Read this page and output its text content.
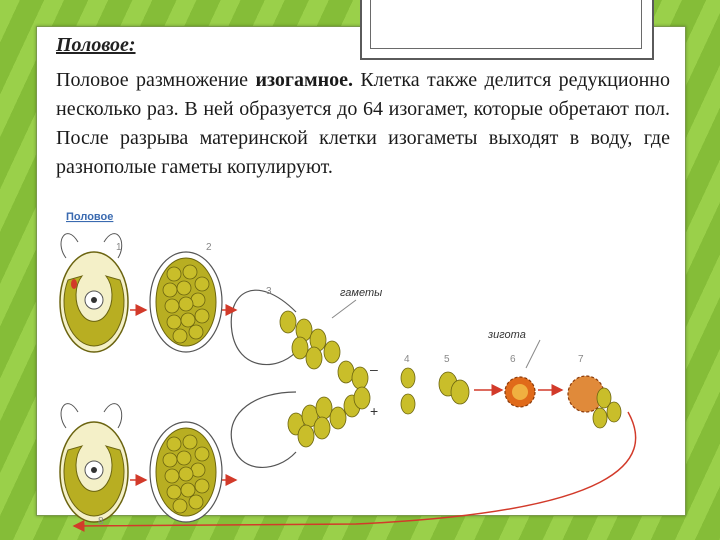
Половое:
Половое размножение изогамное. Клетка также делится редукционно несколько раз. В ней образуется до 64 изогамет, которые обретают пол. После разрыва материнской клетки изогаметы выходят в воду, где разнополые гаметы копулируют.
Половое
1	2
3	гаметы
–
+
4	5
зигота
6	7
8
